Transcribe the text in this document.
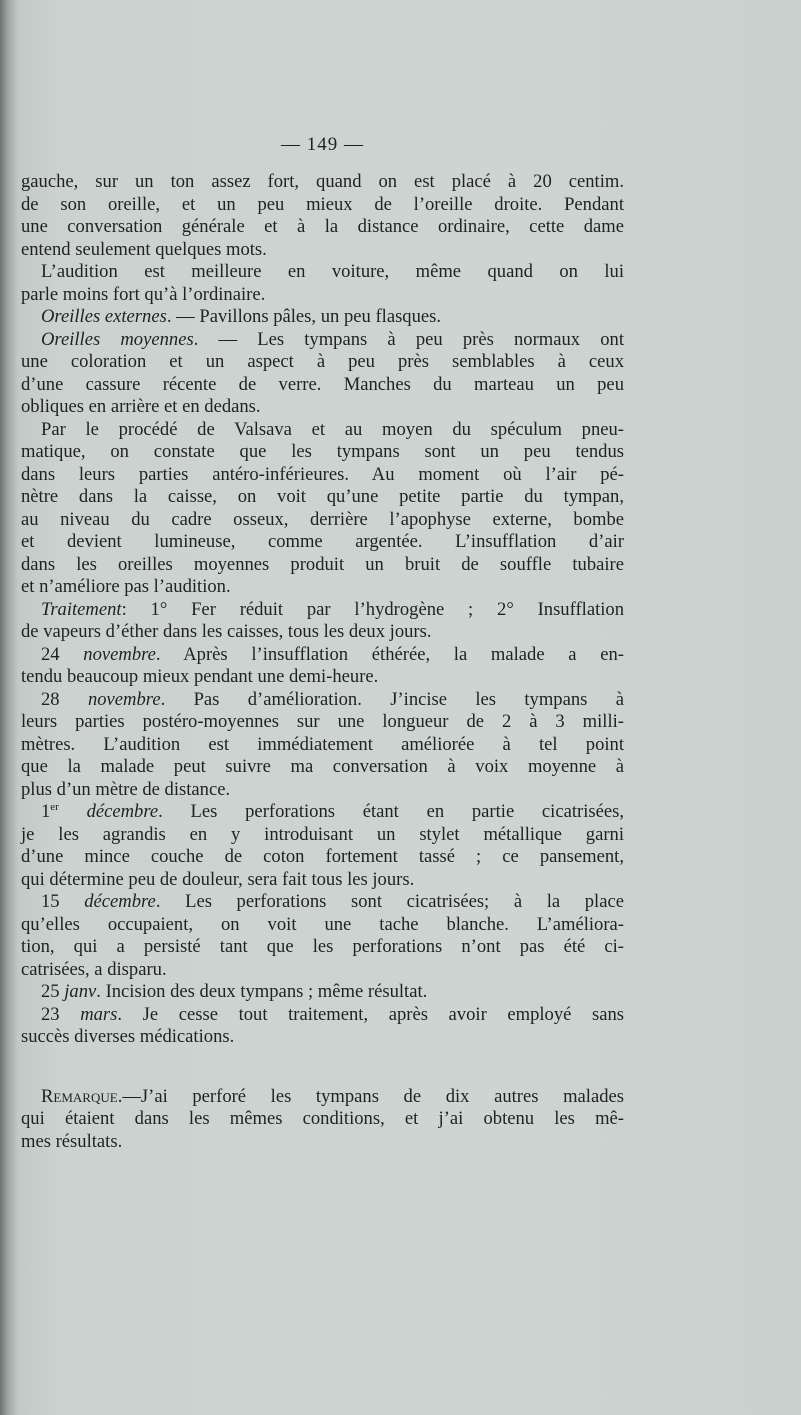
— 149 —
gauche, sur un ton assez fort, quand on est placé à 20 centim.
de son oreille, et un peu mieux de l’oreille droite. Pendant
une conversation générale et à la distance ordinaire, cette dame
entend seulement quelques mots.
L’audition est meilleure en voiture, même quand on lui
parle moins fort qu’à l’ordinaire.
Oreilles externes. — Pavillons pâles, un peu flasques.
Oreilles moyennes. — Les tympans à peu près normaux ont
une coloration et un aspect à peu près semblables à ceux
d’une cassure récente de verre. Manches du marteau un peu
obliques en arrière et en dedans.
Par le procédé de Valsava et au moyen du spéculum pneu-
matique, on constate que les tympans sont un peu tendus
dans leurs parties antéro-inférieures. Au moment où l’air pé-
nètre dans la caisse, on voit qu’une petite partie du tympan,
au niveau du cadre osseux, derrière l’apophyse externe, bombe
et devient lumineuse, comme argentée. L’insufflation d’air
dans les oreilles moyennes produit un bruit de souffle tubaire
et n’améliore pas l’audition.
Traitement: 1° Fer réduit par l’hydrogène ; 2° Insufflation
de vapeurs d’éther dans les caisses, tous les deux jours.
24 novembre. Après l’insufflation éthérée, la malade a en-
tendu beaucoup mieux pendant une demi-heure.
28 novembre. Pas d’amélioration. J’incise les tympans à
leurs parties postéro-moyennes sur une longueur de 2 à 3 milli-
mètres. L’audition est immédiatement améliorée à tel point
que la malade peut suivre ma conversation à voix moyenne à
plus d’un mètre de distance.
1er décembre. Les perforations étant en partie cicatrisées,
je les agrandis en y introduisant un stylet métallique garni
d’une mince couche de coton fortement tassé ; ce pansement,
qui détermine peu de douleur, sera fait tous les jours.
15 décembre. Les perforations sont cicatrisées; à la place
qu’elles occupaient, on voit une tache blanche. L’améliora-
tion, qui a persisté tant que les perforations n’ont pas été ci-
catrisées, a disparu.
25 janv. Incision des deux tympans ; même résultat.
23 mars. Je cesse tout traitement, après avoir employé sans
succès diverses médications.
Remarque.—J’ai perforé les tympans de dix autres malades
qui étaient dans les mêmes conditions, et j’ai obtenu les mê-
mes résultats.
